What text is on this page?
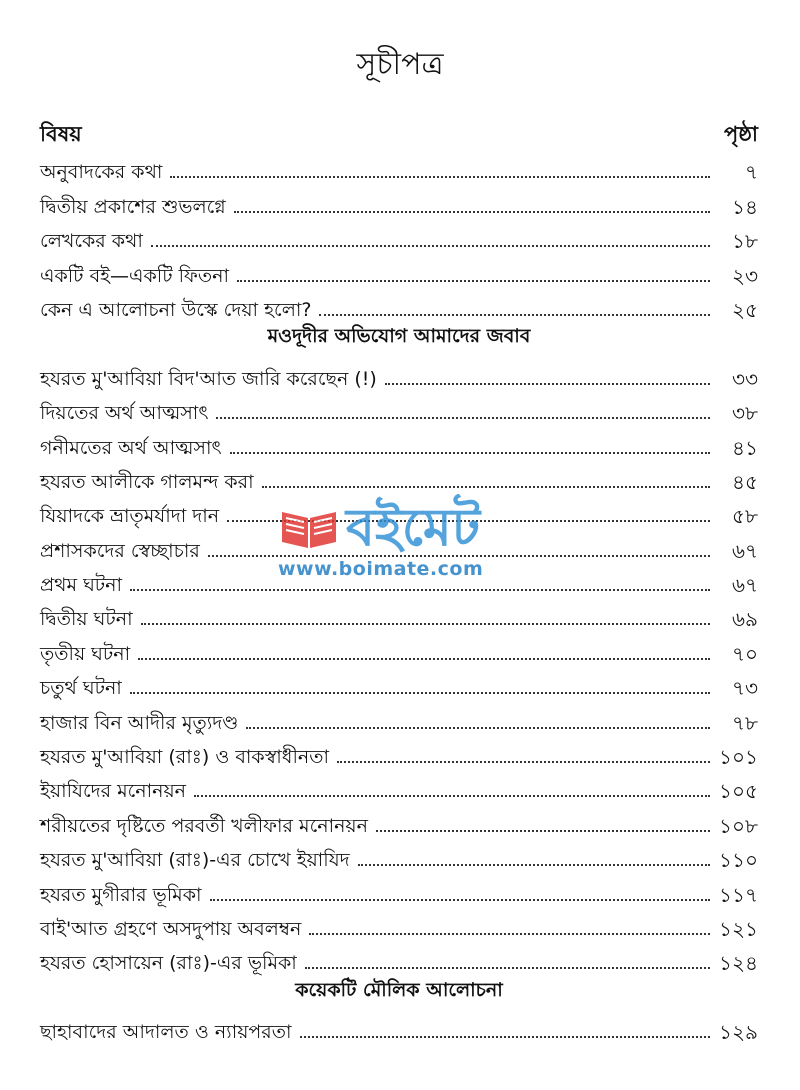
সূচীপত্র
বিষয়	পৃষ্ঠা
অনুবাদকের কথা	৭
দ্বিতীয় প্রকাশের শুভলগ্নে	১৪
লেখকের কথা	১৮
একটি বই—একটি ফিতনা	২৩
কেন এ আলোচনা উস্কে দেয়া হলো?	২৫
মওদূদীর অভিযোগ আমাদের জবাব
হযরত মু'আবিয়া বিদ'আত জারি করেছেন (!)	৩৩
দিয়তের অর্থ আত্মসাৎ	৩৮
গনীমতের অর্থ আত্মসাৎ	৪১
হযরত আলীকে গালমন্দ করা	৪৫
যিয়াদকে ভ্রাতৃমর্যাদা দান	৫৮
প্রশাসকদের স্বেচ্ছাচার	৬৭
প্রথম ঘটনা	৬৭
দ্বিতীয় ঘটনা	৬৯
তৃতীয় ঘটনা	৭০
চতুর্থ ঘটনা	৭৩
হাজার বিন আদীর মৃত্যুদণ্ড	৭৮
হযরত মু'আবিয়া (রাঃ) ও বাকস্বাধীনতা	১০১
ইয়াযিদের মনোনয়ন	১০৫
শরীয়তের দৃষ্টিতে পরবর্তী খলীফার মনোনয়ন	১০৮
হযরত মু'আবিয়া (রাঃ)-এর চোখে ইয়াযিদ	১১০
হযরত মুগীরার ভূমিকা	১১৭
বাই'আত গ্রহণে অসদুপায় অবলম্বন	১২১
হযরত হোসায়েন (রাঃ)-এর ভূমিকা	১২৪
কয়েকটি মৌলিক আলোচনা
ছাহাবাদের আদালত ও ন্যায়পরতা	১২৯
বইমেট
www.boimate.com
